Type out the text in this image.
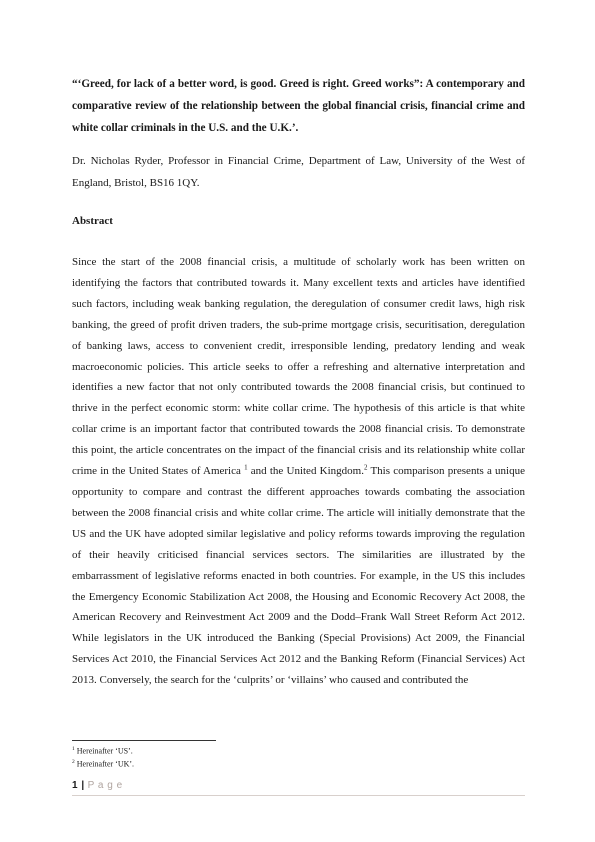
“‘Greed, for lack of a better word, is good. Greed is right. Greed works”: A contemporary and comparative review of the relationship between the global financial crisis, financial crime and white collar criminals in the U.S. and the U.K.’.

Dr. Nicholas Ryder, Professor in Financial Crime, Department of Law, University of the West of England, Bristol, BS16 1QY.

Abstract

Since the start of the 2008 financial crisis, a multitude of scholarly work has been written on identifying the factors that contributed towards it. Many excellent texts and articles have identified such factors, including weak banking regulation, the deregulation of consumer credit laws, high risk banking, the greed of profit driven traders, the sub-prime mortgage crisis, securitisation, deregulation of banking laws, access to convenient credit, irresponsible lending, predatory lending and weak macroeconomic policies. This article seeks to offer a refreshing and alternative interpretation and identifies a new factor that not only contributed towards the 2008 financial crisis, but continued to thrive in the perfect economic storm: white collar crime. The hypothesis of this article is that white collar crime is an important factor that contributed towards the 2008 financial crisis. To demonstrate this point, the article concentrates on the impact of the financial crisis and its relationship white collar crime in the United States of America $^1$ and the United Kingdom.$^2$ This comparison presents a unique opportunity to compare and contrast the different approaches towards combating the association between the 2008 financial crisis and white collar crime. The article will initially demonstrate that the US and the UK have adopted similar legislative and policy reforms towards improving the regulation of their heavily criticised financial services sectors. The similarities are illustrated by the embarrassment of legislative reforms enacted in both countries. For example, in the US this includes the Emergency Economic Stabilization Act 2008, the Housing and Economic Recovery Act 2008, the American Recovery and Reinvestment Act 2009 and the Dodd–Frank Wall Street Reform Act 2012. While legislators in the UK introduced the Banking (Special Provisions) Act 2009, the Financial Services Act 2010, the Financial Services Act 2012 and the Banking Reform (Financial Services) Act 2013. Conversely, the search for the ‘culprits’ or ‘villains’ who caused and contributed the

$^1$ Hereinafter ‘US’.
$^2$ Hereinafter ‘UK’.
1 | P a g e
